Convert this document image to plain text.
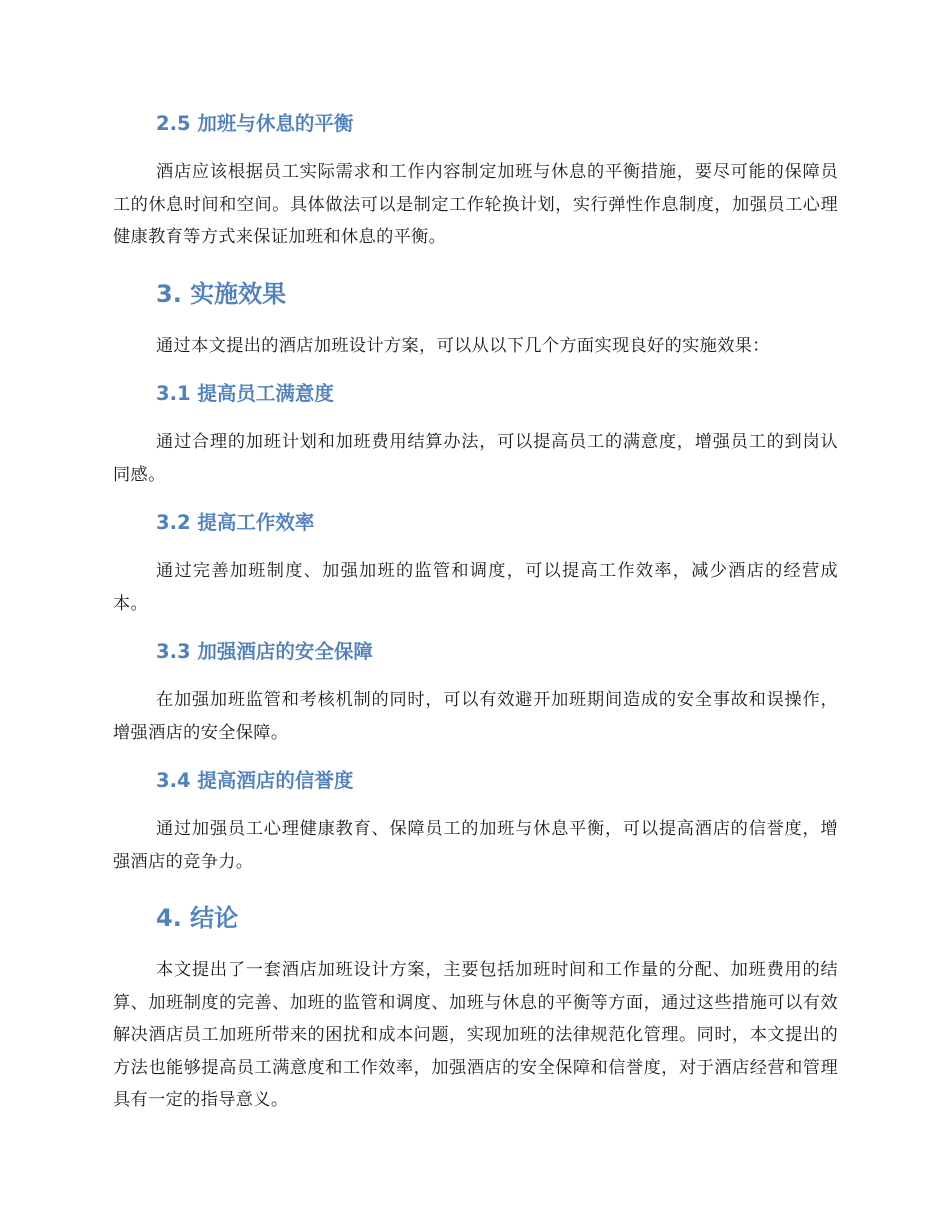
2.5 加班与休息的平衡

酒店应该根据员工实际需求和工作内容制定加班与休息的平衡措施，要尽可能的保障员工的休息时间和空间。具体做法可以是制定工作轮换计划，实行弹性作息制度，加强员工心理健康教育等方式来保证加班和休息的平衡。

3. 实施效果

通过本文提出的酒店加班设计方案，可以从以下几个方面实现良好的实施效果：

3.1 提高员工满意度

通过合理的加班计划和加班费用结算办法，可以提高员工的满意度，增强员工的到岗认同感。

3.2 提高工作效率

通过完善加班制度、加强加班的监管和调度，可以提高工作效率，减少酒店的经营成本。

3.3 加强酒店的安全保障

在加强加班监管和考核机制的同时，可以有效避开加班期间造成的安全事故和误操作，增强酒店的安全保障。

3.4 提高酒店的信誉度

通过加强员工心理健康教育、保障员工的加班与休息平衡，可以提高酒店的信誉度，增强酒店的竞争力。

4. 结论

本文提出了一套酒店加班设计方案，主要包括加班时间和工作量的分配、加班费用的结算、加班制度的完善、加班的监管和调度、加班与休息的平衡等方面，通过这些措施可以有效解决酒店员工加班所带来的困扰和成本问题，实现加班的法律规范化管理。同时，本文提出的方法也能够提高员工满意度和工作效率，加强酒店的安全保障和信誉度，对于酒店经营和管理具有一定的指导意义。
